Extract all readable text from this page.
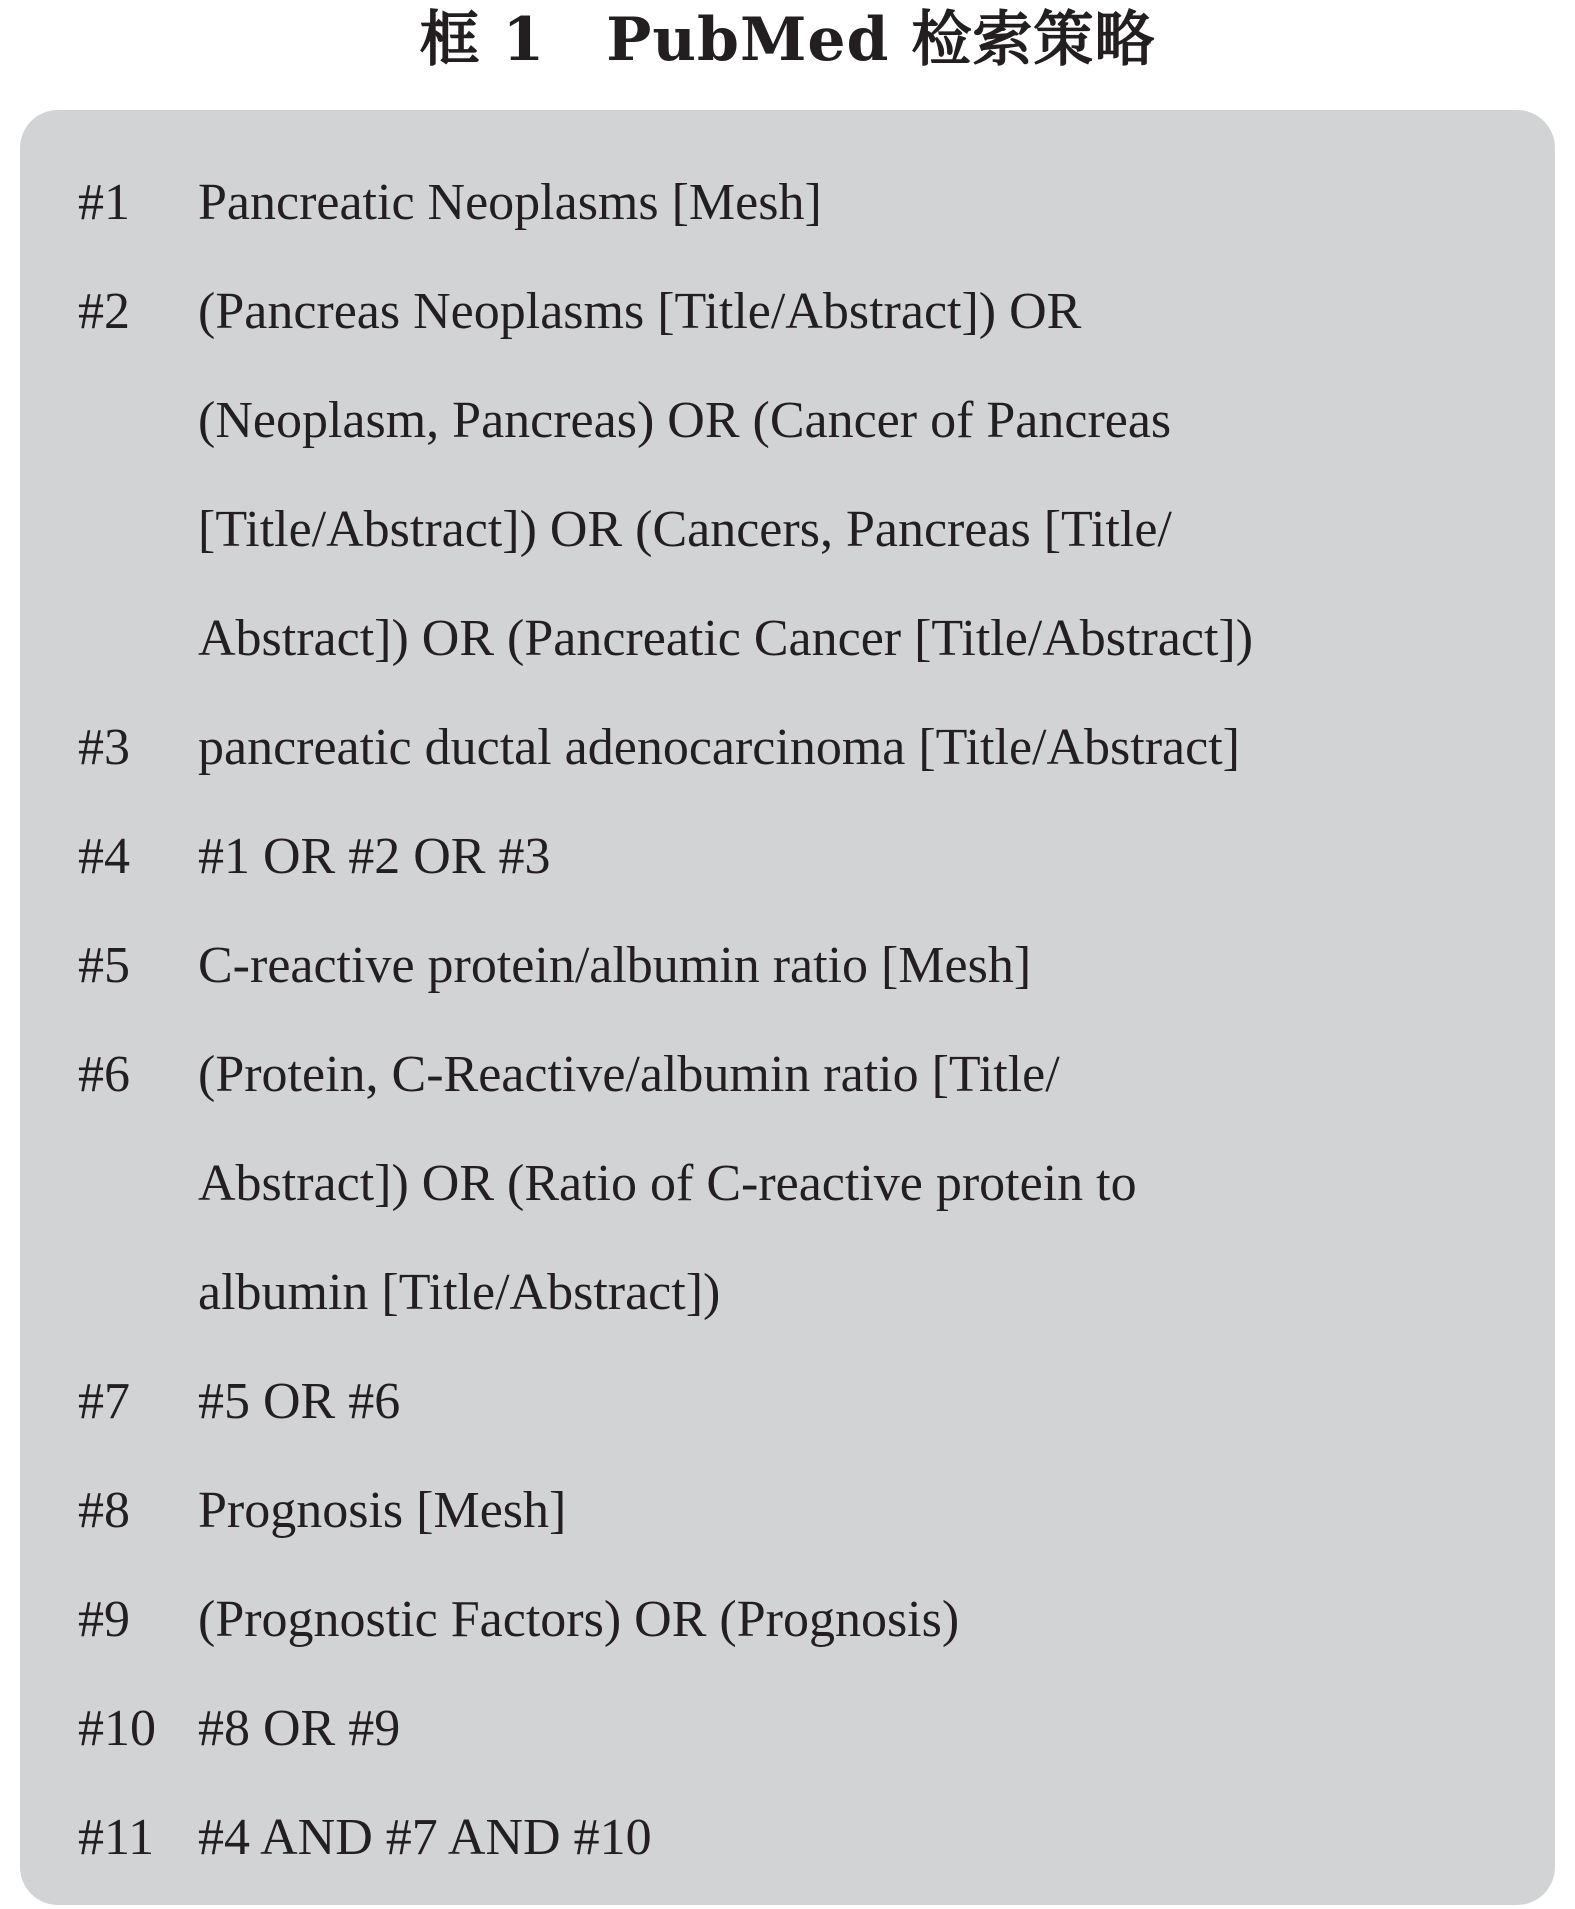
框 1　PubMed 检索策略
#1	Pancreatic Neoplasms [Mesh]
#2	(Pancreas Neoplasms [Title/Abstract]) OR
(Neoplasm, Pancreas) OR (Cancer of Pancreas
[Title/Abstract]) OR (Cancers, Pancreas [Title/
Abstract]) OR (Pancreatic Cancer [Title/Abstract])
#3	pancreatic ductal adenocarcinoma [Title/Abstract]
#4	#1 OR #2 OR #3
#5	C-reactive protein/albumin ratio [Mesh]
#6	(Protein, C-Reactive/albumin ratio [Title/
Abstract]) OR (Ratio of C-reactive protein to
albumin [Title/Abstract])
#7	#5 OR #6
#8	Prognosis [Mesh]
#9	(Prognostic Factors) OR (Prognosis)
#10 #8 OR #9
#11 #4 AND #7 AND #10
